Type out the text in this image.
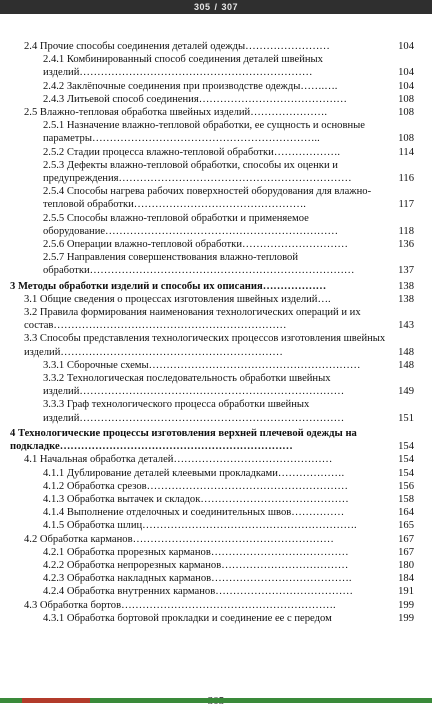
305 / 307
2.4 Прочие способы соединения деталей одежды……………………	104
2.4.1 Комбинированный способ соединения деталей швейных изделий…………………………………………………………	104
2.4.2 Заклёпочные соединения при производстве одежды…….….	104
2.4.3 Литьевой способ соединения……………………………………	108
2.5 Влажно-тепловая обработка швейных изделий………………….	108
2.5.1 Назначение влажно-тепловой обработки, ее сущность и основные параметры………………………………………………………..	108
2.5.2 Стадии процесса влажно-тепловой обработки……………….	114
2.5.3 Дефекты влажно-тепловой обработки, способы их оценки и предупреждения…………………………………………………………	116
2.5.4 Способы нагрева рабочих поверхностей оборудования для влажно-тепловой обработки………………………………………….	117
2.5.5 Способы влажно-тепловой обработки и применяемое оборудование…………………………………………………………	118
2.5.6 Операции влажно-тепловой обработки…………………………	136
2.5.7 Направления совершенствования влажно-тепловой обработки…………………………………………………………………	137
3 Методы обработки изделий и способы их описания………………	138
3.1 Общие сведения о процессах изготовления швейных изделий….	138
3.2 Правила формирования наименования технологических операций и их состав…………………………………………………………	143
3.3 Способы представления технологических процессов изготовления швейных изделий………………………………………………………	148
3.3.1 Сборочные схемы……………………………………………………	148
3.3.2 Технологическая последовательность обработки швейных изделий…………………………………………………………………	149
3.3.3 Граф технологического процесса обработки швейных изделий…………………………………………………………………	151
4 Технологические процессы изготовления верхней плечевой одежды на подкладке…………………………………………………………	154
4.1 Начальная обработка деталей………………………………………	154
4.1.1 Дублирование деталей клеевыми прокладками……………….	154
4.1.2 Обработка срезов…………………………………………………	156
4.1.3 Обработка вытачек и складок……………………………………	158
4.1.4 Выполнение отделочных и соединительных швов……………	164
4.1.5 Обработка шлиц…………………………………………………….	165
4.2 Обработка карманов…………………………………………………	167
4.2.1 Обработка прорезных карманов…………………………………	167
4.2.2 Обработка непрорезных карманов………………………………	180
4.2.3 Обработка накладных карманов………………………………….	184
4.2.4 Обработка внутренних карманов…………………………………	191
4.3 Обработка бортов…………………………………………………….	199
4.3.1 Обработка бортовой прокладки и соединение ее с передом	199
